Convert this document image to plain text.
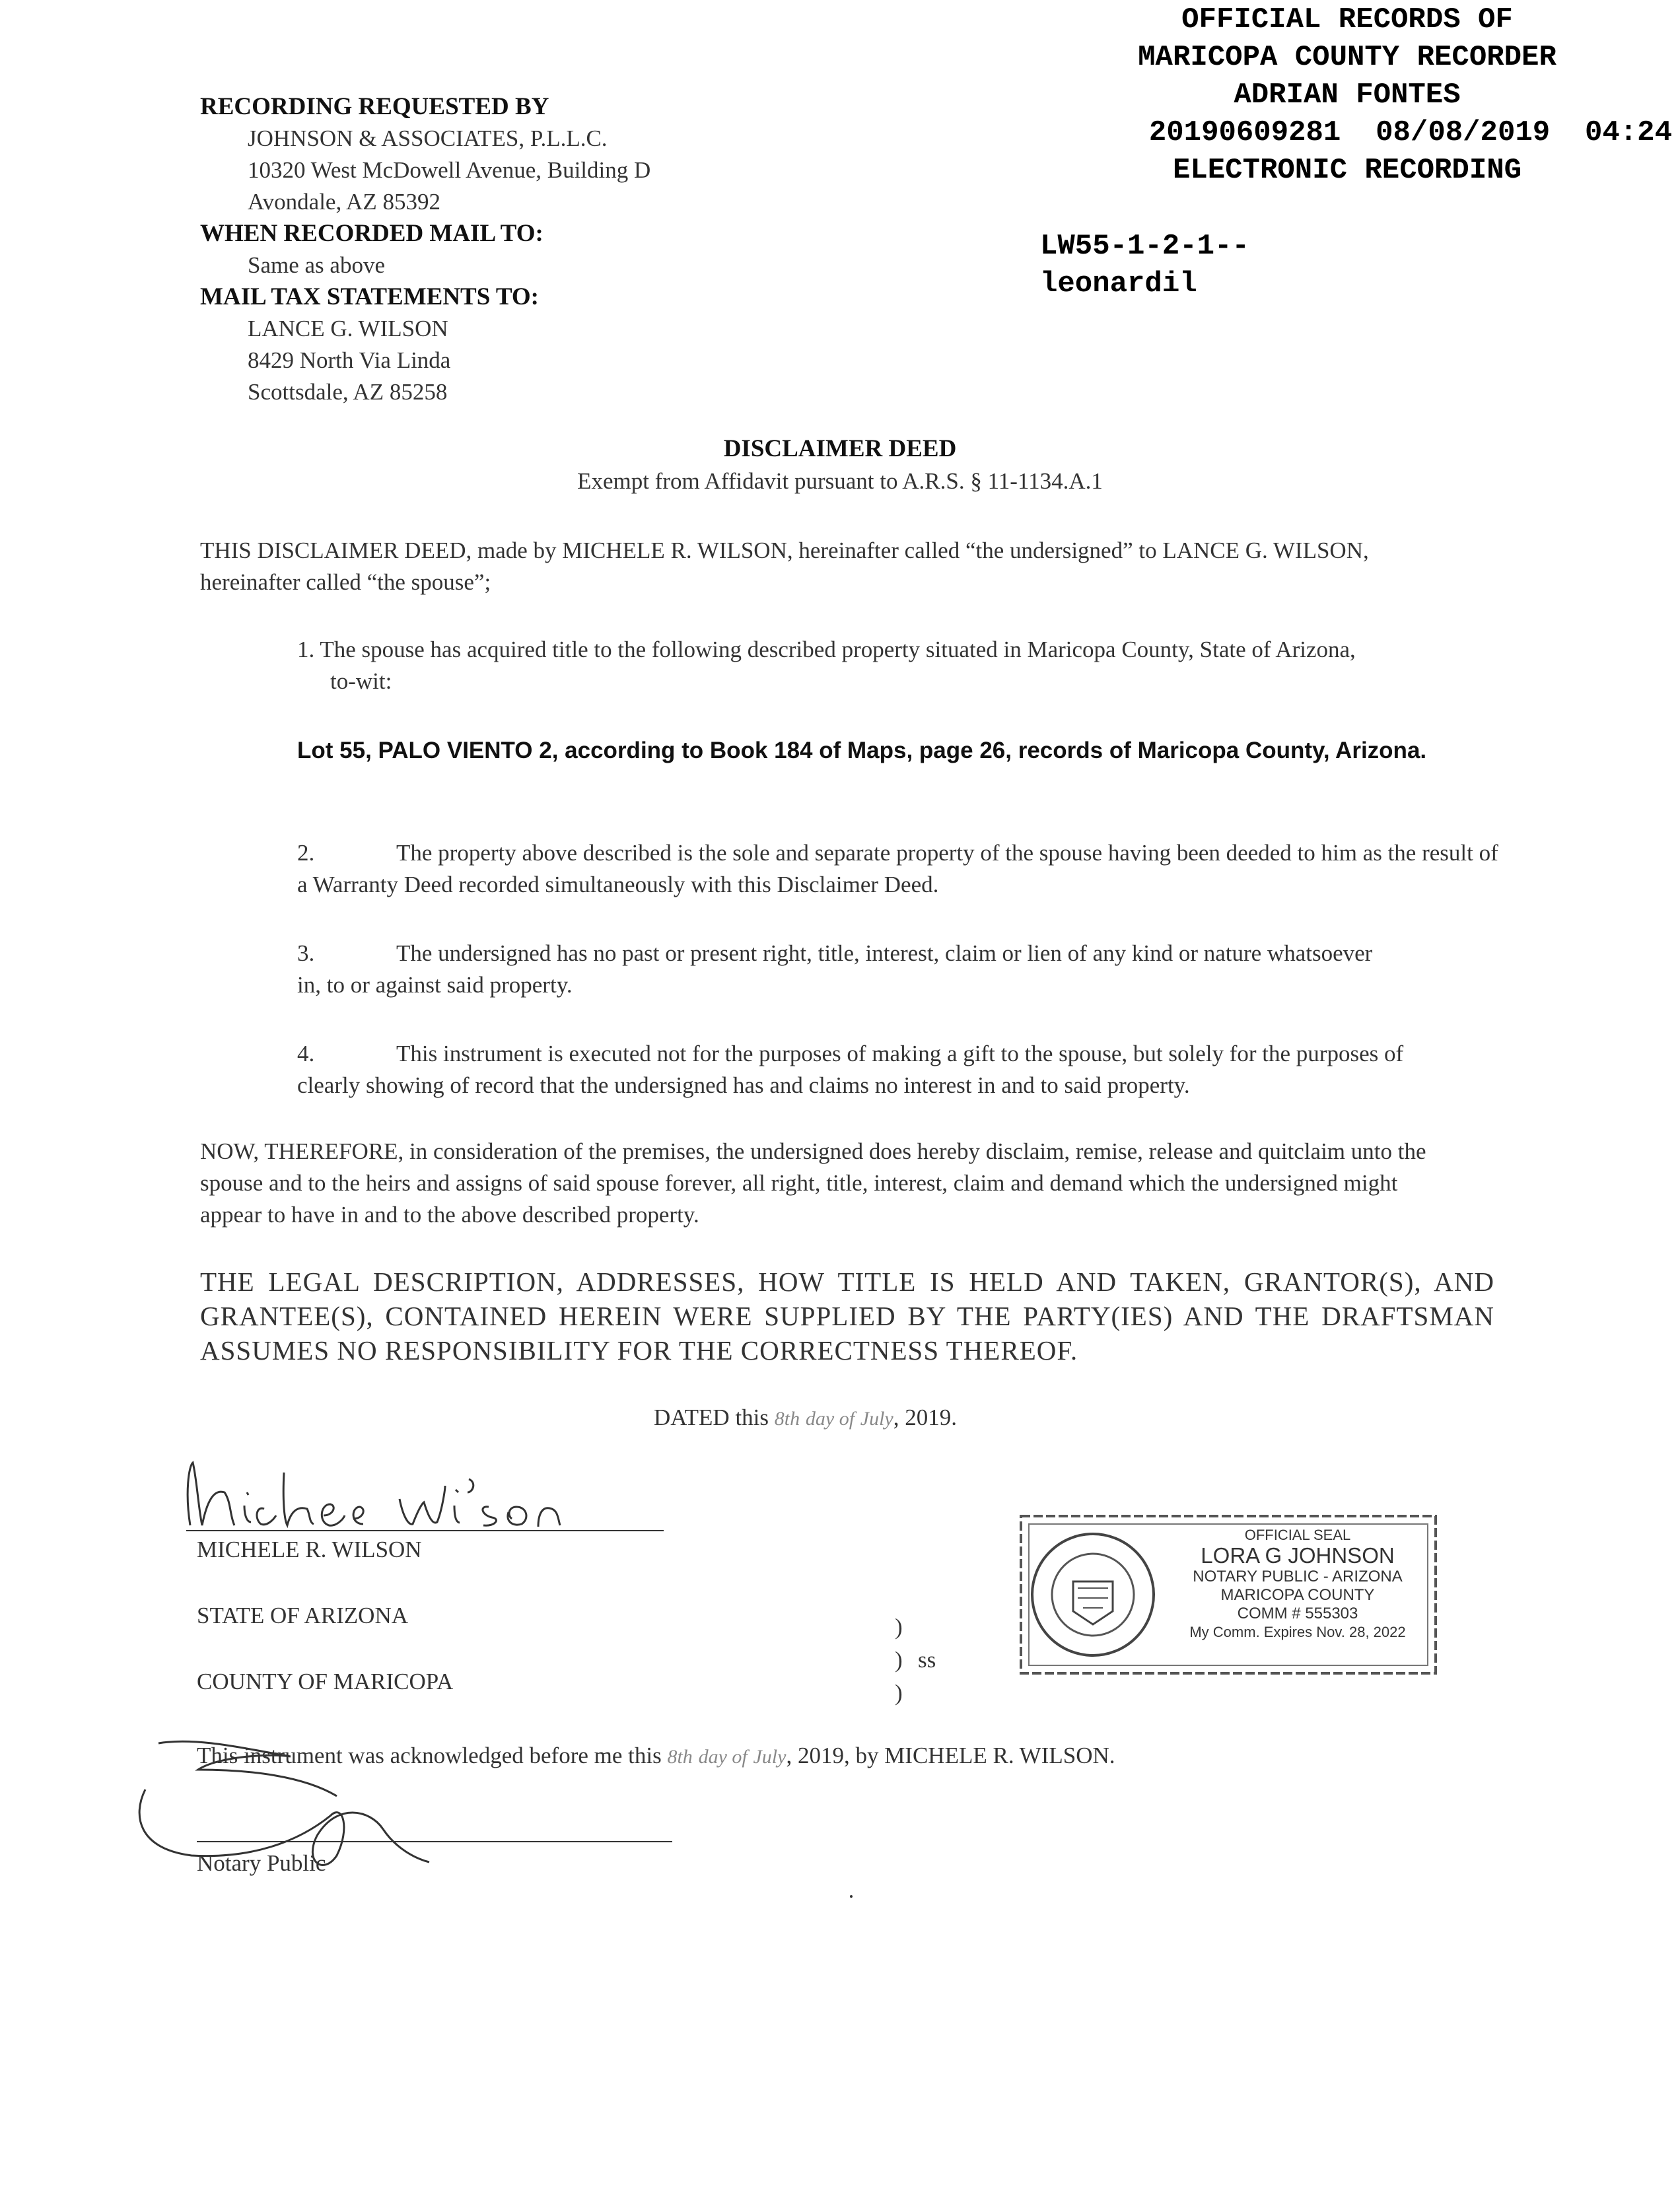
OFFICIAL RECORDS OF
MARICOPA COUNTY RECORDER
ADRIAN FONTES
20190609281  08/08/2019  04:24
ELECTRONIC RECORDING
LW55-1-2-1--
leonardil
RECORDING REQUESTED BY
JOHNSON & ASSOCIATES, P.L.L.C.
10320 West McDowell Avenue, Building D
Avondale, AZ 85392
WHEN RECORDED MAIL TO:
Same as above
MAIL TAX STATEMENTS TO:
LANCE G. WILSON
8429 North Via Linda
Scottsdale, AZ 85258
DISCLAIMER DEED
Exempt from Affidavit pursuant to A.R.S. § 11-1134.A.1
THIS DISCLAIMER DEED, made by MICHELE R. WILSON, hereinafter called “the undersigned” to LANCE G. WILSON, hereinafter called “the spouse”;
1. The spouse has acquired title to the following described property situated in Maricopa County, State of Arizona,
to-wit:
Lot 55, PALO VIENTO 2, according to Book 184 of Maps, page 26, records of Maricopa County, Arizona.
2.	The property above described is the sole and separate property of the spouse having been deeded to him as the result of a Warranty Deed recorded simultaneously with this Disclaimer Deed.
3.	The undersigned has no past or present right, title, interest, claim or lien of any kind or nature whatsoever in, to or against said property.
4.	This instrument is executed not for the purposes of making a gift to the spouse, but solely for the purposes of clearly showing of record that the undersigned has and claims no interest in and to said property.
NOW, THEREFORE, in consideration of the premises, the undersigned does hereby disclaim, remise, release and quitclaim unto the spouse and to the heirs and assigns of said spouse forever, all right, title, interest, claim and demand which the undersigned might appear to have in and to the above described property.
THE LEGAL DESCRIPTION, ADDRESSES, HOW TITLE IS HELD AND TAKEN, GRANTOR(S), AND GRANTEE(S), CONTAINED HEREIN WERE SUPPLIED BY THE PARTY(IES) AND THE DRAFTSMAN ASSUMES NO RESPONSIBILITY FOR THE CORRECTNESS THEREOF.
DATED this 8th day of July, 2019.
MICHELE R. WILSON
STATE OF ARIZONA
COUNTY OF MARICOPA
)
) ss
)
OFFICIAL SEAL
LORA G JOHNSON
NOTARY PUBLIC - ARIZONA
MARICOPA COUNTY
COMM # 555303
My Comm. Expires Nov. 28, 2022
This instrument was acknowledged before me this 8th day of July, 2019, by MICHELE R. WILSON.
Notary Public
